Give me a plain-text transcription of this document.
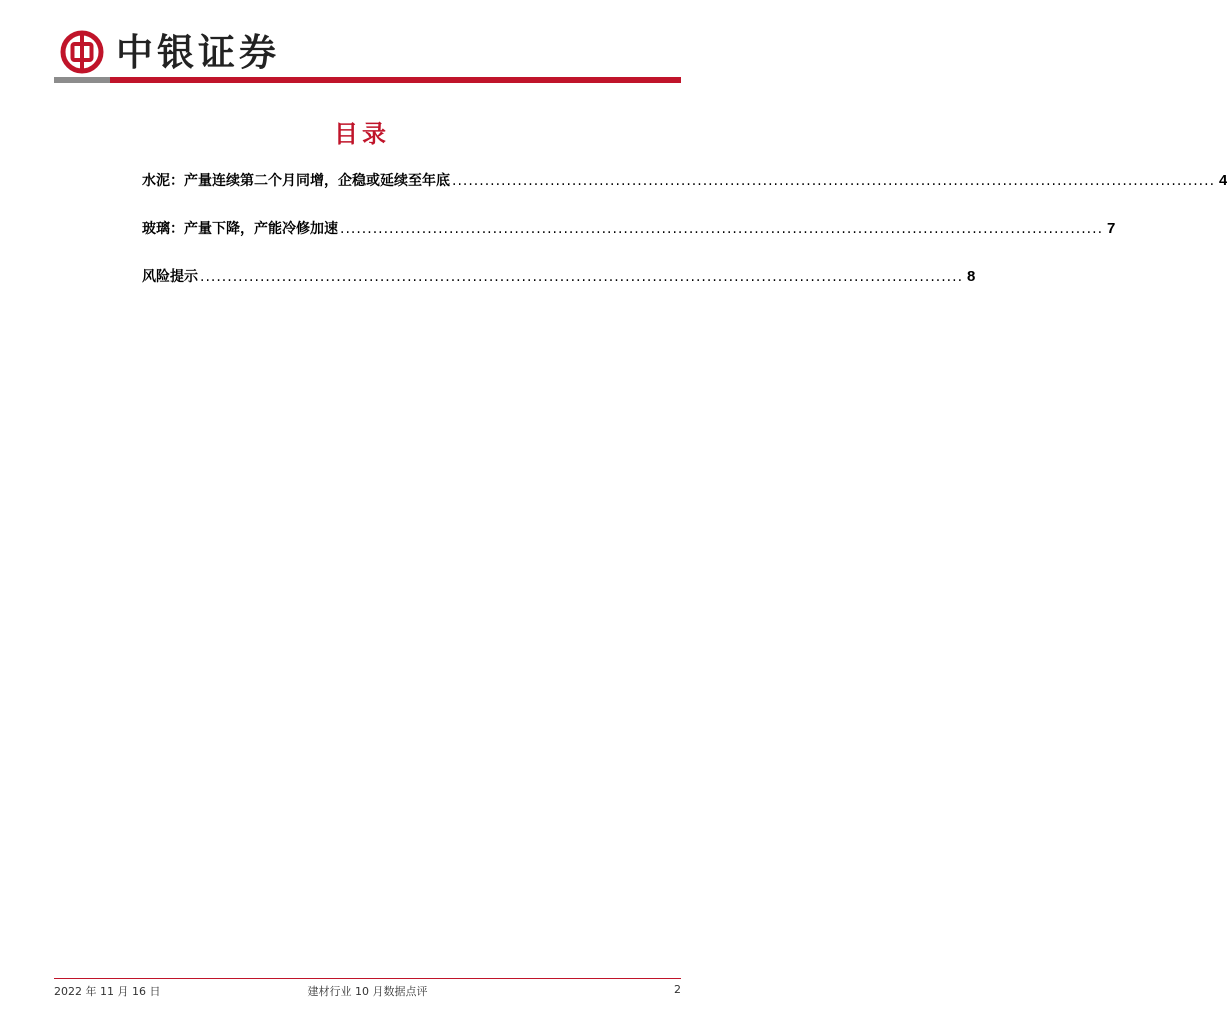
中银证券
目录
水泥：产量连续第二个月同增，企稳或延续至年底 ............................................................................................................................................ 4
玻璃：产量下降，产能冷修加速 ............................................................................................................................................ 7
风险提示 ............................................................................................................................................ 8
2022 年 11 月 16 日	建材行业 10 月数据点评	2
